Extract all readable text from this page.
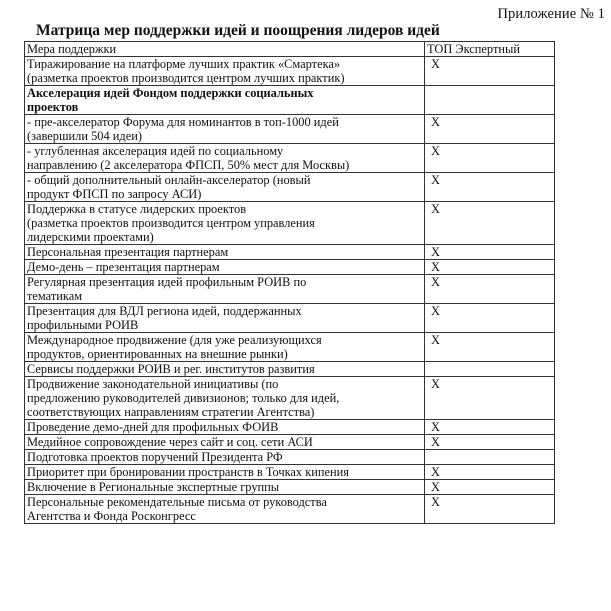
Приложение № 1
Матрица мер поддержки идей и поощрения лидеров идей
Мера поддержки	ТОП Экспертный

Тиражирование на платформе лучших практик «Смартека»
(разметка проектов производится центром лучших практик)	X

Акселерация идей Фондом поддержки социальных
проектов	

- пре-акселератор Форума для номинантов в топ-1000 идей
(завершили 504 идеи)	X

- углубленная акселерация идей по социальному
направлению (2 акселератора ФПСП, 50% мест для Москвы)	X

- общий дополнительный онлайн-акселератор (новый
продукт ФПСП по запросу АСИ)	X

Поддержка в статусе лидерских проектов
(разметка проектов производится центром управления
лидерскими проектами)	X

Персональная презентация партнерам	X

Демо-день – презентация партнерам	X

Регулярная презентация идей профильным РОИВ по
тематикам	X

Презентация для ВДЛ региона идей, поддержанных
профильными РОИВ	X

Международное продвижение (для уже реализующихся
продуктов, ориентированных на внешние рынки)	X

Сервисы поддержки РОИВ и рег. институтов развития	

Продвижение законодательной инициативы (по
предложению руководителей дивизионов; только для идей,
соответствующих направлениям стратегии Агентства)	X

Проведение демо-дней для профильных ФОИВ	X

Медийное сопровождение через сайт и соц. сети АСИ	X

Подготовка проектов поручений Президента РФ	

Приоритет при бронировании пространств в Точках кипения	X

Включение в Региональные экспертные группы	X

Персональные рекомендательные письма от руководства
Агентства и Фонда Росконгресс	X
